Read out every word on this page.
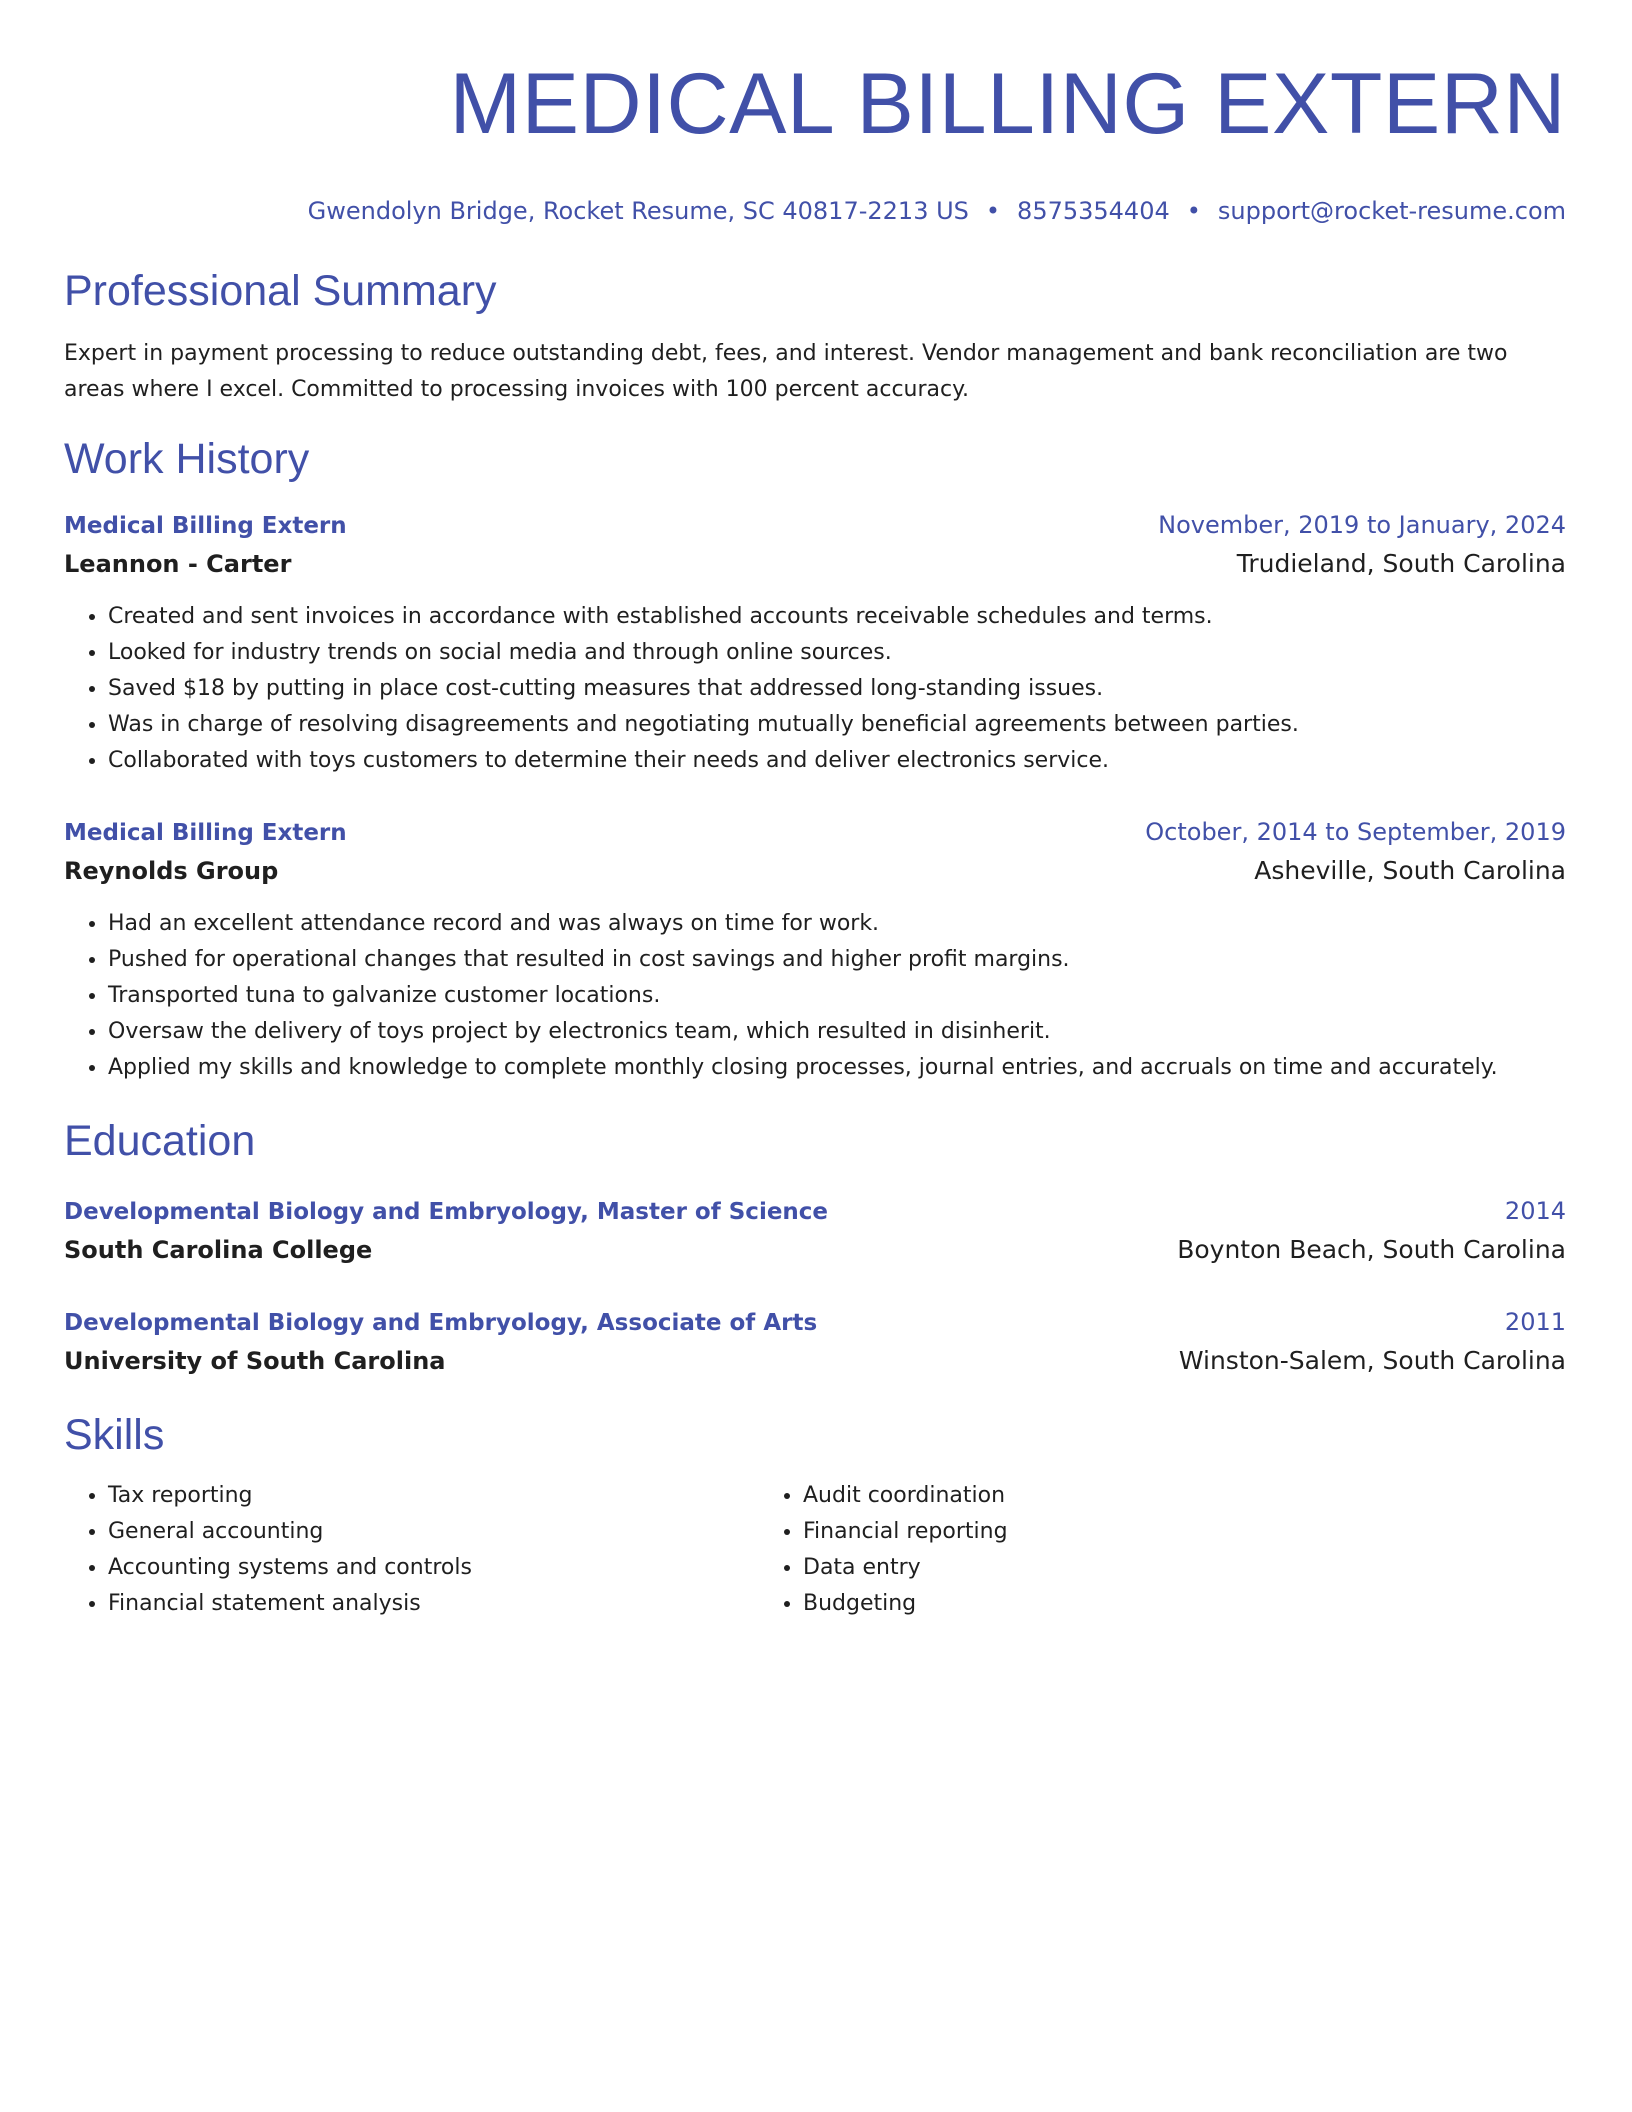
MEDICAL BILLING EXTERN
Gwendolyn Bridge, Rocket Resume, SC 40817-2213 US • 8575354404 • support@rocket-resume.com
Professional Summary
Expert in payment processing to reduce outstanding debt, fees, and interest. Vendor management and bank reconciliation are two areas where I excel. Committed to processing invoices with 100 percent accuracy.
Work History
Medical Billing Extern	November, 2019 to January, 2024
Leannon - Carter	Trudieland, South Carolina
• Created and sent invoices in accordance with established accounts receivable schedules and terms.
• Looked for industry trends on social media and through online sources.
• Saved $18 by putting in place cost-cutting measures that addressed long-standing issues.
• Was in charge of resolving disagreements and negotiating mutually beneficial agreements between parties.
• Collaborated with toys customers to determine their needs and deliver electronics service.
Medical Billing Extern	October, 2014 to September, 2019
Reynolds Group	Asheville, South Carolina
• Had an excellent attendance record and was always on time for work.
• Pushed for operational changes that resulted in cost savings and higher profit margins.
• Transported tuna to galvanize customer locations.
• Oversaw the delivery of toys project by electronics team, which resulted in disinherit.
• Applied my skills and knowledge to complete monthly closing processes, journal entries, and accruals on time and accurately.
Education
Developmental Biology and Embryology, Master of Science	2014
South Carolina College	Boynton Beach, South Carolina
Developmental Biology and Embryology, Associate of Arts	2011
University of South Carolina	Winston-Salem, South Carolina
Skills
• Tax reporting
• General accounting
• Accounting systems and controls
• Financial statement analysis
• Audit coordination
• Financial reporting
• Data entry
• Budgeting
